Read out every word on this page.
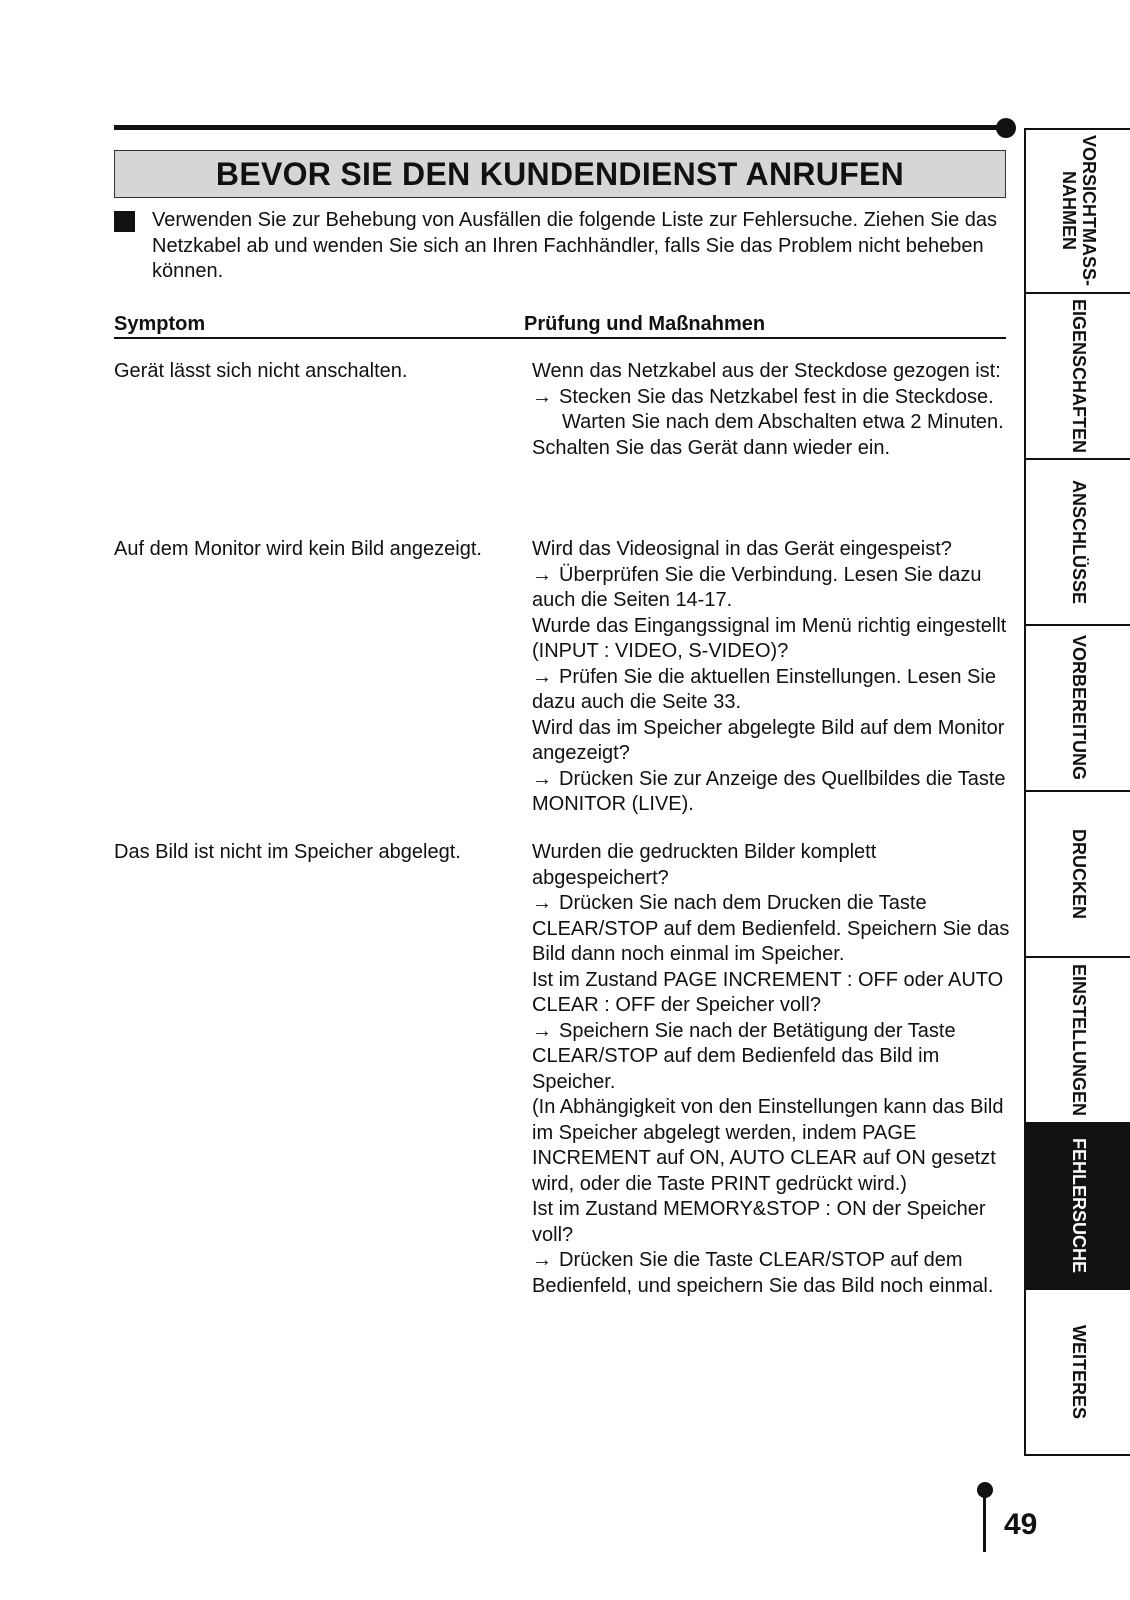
BEVOR SIE DEN KUNDENDIENST ANRUFEN

Verwenden Sie zur Behebung von Ausfällen die folgende Liste zur Fehlersuche. Ziehen Sie das Netzkabel ab und wenden Sie sich an Ihren Fachhändler, falls Sie das Problem nicht beheben können.

Symptom	Prüfung und Maßnahmen
Gerät lässt sich nicht anschalten.	Wenn das Netzkabel aus der Steckdose gezogen ist:
→ Stecken Sie das Netzkabel fest in die Steckdose.
Warten Sie nach dem Abschalten etwa 2 Minuten. Schalten Sie das Gerät dann wieder ein.
Auf dem Monitor wird kein Bild angezeigt.	Wird das Videosignal in das Gerät eingespeist?
→ Überprüfen Sie die Verbindung. Lesen Sie dazu auch die Seiten 14-17.
Wurde das Eingangssignal im Menü richtig eingestellt (INPUT : VIDEO, S-VIDEO)?
→ Prüfen Sie die aktuellen Einstellungen. Lesen Sie dazu auch die Seite 33.
Wird das im Speicher abgelegte Bild auf dem Monitor angezeigt?
→ Drücken Sie zur Anzeige des Quellbildes die Taste MONITOR (LIVE).
Das Bild ist nicht im Speicher abgelegt.	Wurden die gedruckten Bilder komplett abgespeichert?
→ Drücken Sie nach dem Drucken die Taste CLEAR/STOP auf dem Bedienfeld. Speichern Sie das Bild dann noch einmal im Speicher.
Ist im Zustand PAGE INCREMENT : OFF oder AUTO CLEAR : OFF der Speicher voll?
→ Speichern Sie nach der Betätigung der Taste CLEAR/STOP auf dem Bedienfeld das Bild im Speicher.
(In Abhängigkeit von den Einstellungen kann das Bild im Speicher abgelegt werden, indem PAGE INCREMENT auf ON, AUTO CLEAR auf ON gesetzt wird, oder die Taste PRINT gedrückt wird.)
Ist im Zustand MEMORY&STOP : ON der Speicher voll?
→ Drücken Sie die Taste CLEAR/STOP auf dem Bedienfeld, und speichern Sie das Bild noch einmal.
VORSICHTMASS-
NAHMEN
EIGENSCHAFTEN
ANSCHLÜSSE
VORBEREITUNG
DRUCKEN
EINSTELLUNGEN
FEHLERSUCHE
WEITERES
49
